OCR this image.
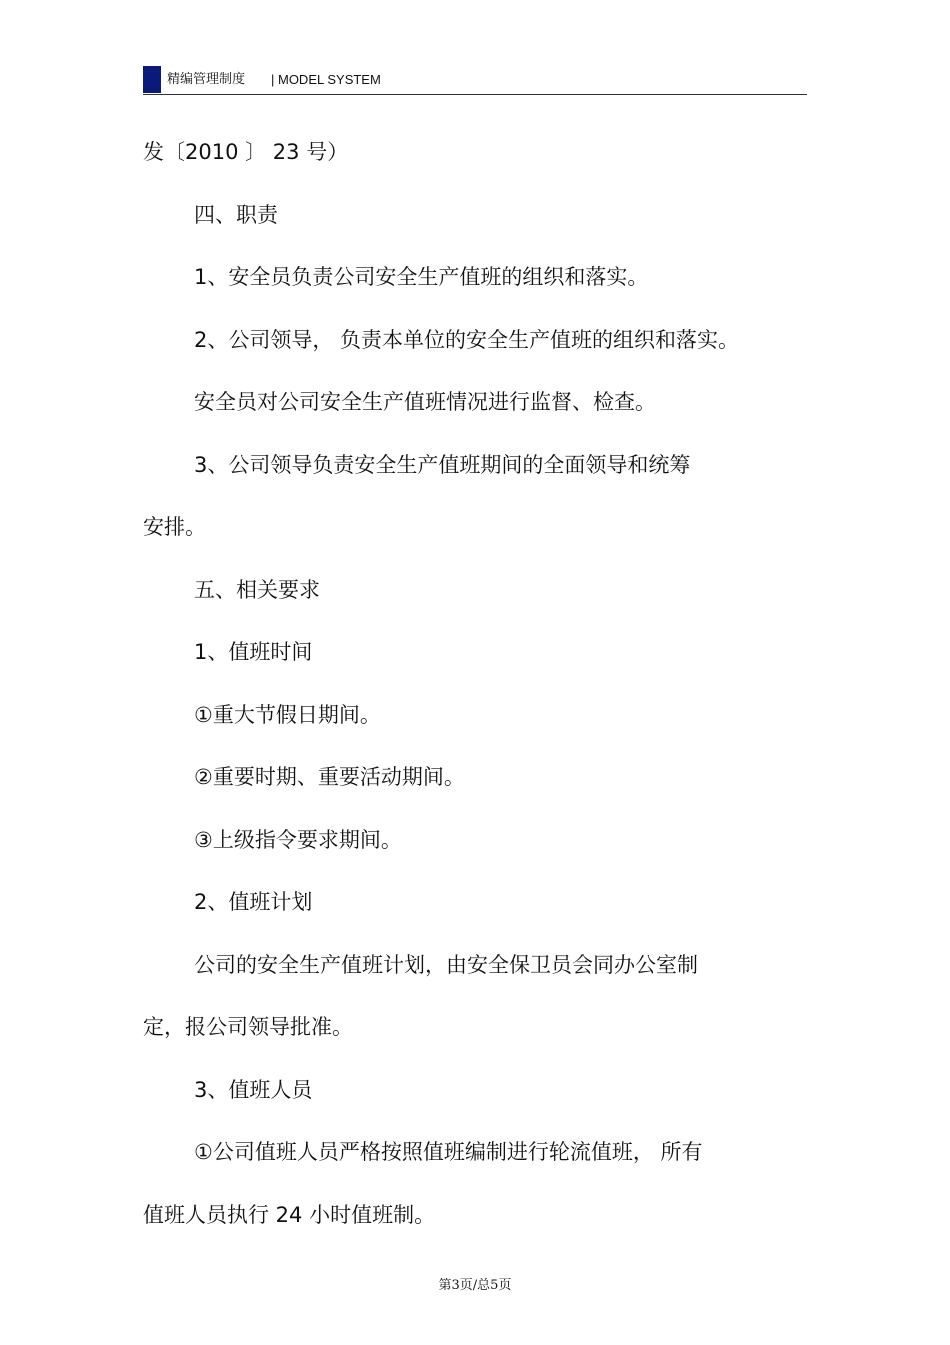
精编管理制度 | MODEL SYSTEM
发〔2010 〕 23 号）
四、职责
1、安全员负责公司安全生产值班的组织和落实。
2、公司领导， 负责本单位的安全生产值班的组织和落实。
安全员对公司安全生产值班情况进行监督、检查。
3、公司领导负责安全生产值班期间的全面领导和统筹
安排。
五、相关要求
1、值班时间
①重大节假日期间。
②重要时期、重要活动期间。
③上级指令要求期间。
2、值班计划
公司的安全生产值班计划，由安全保卫员会同办公室制
定，报公司领导批准。
3、值班人员
①公司值班人员严格按照值班编制进行轮流值班， 所有
值班人员执行 24 小时值班制。
第3页/总5页
